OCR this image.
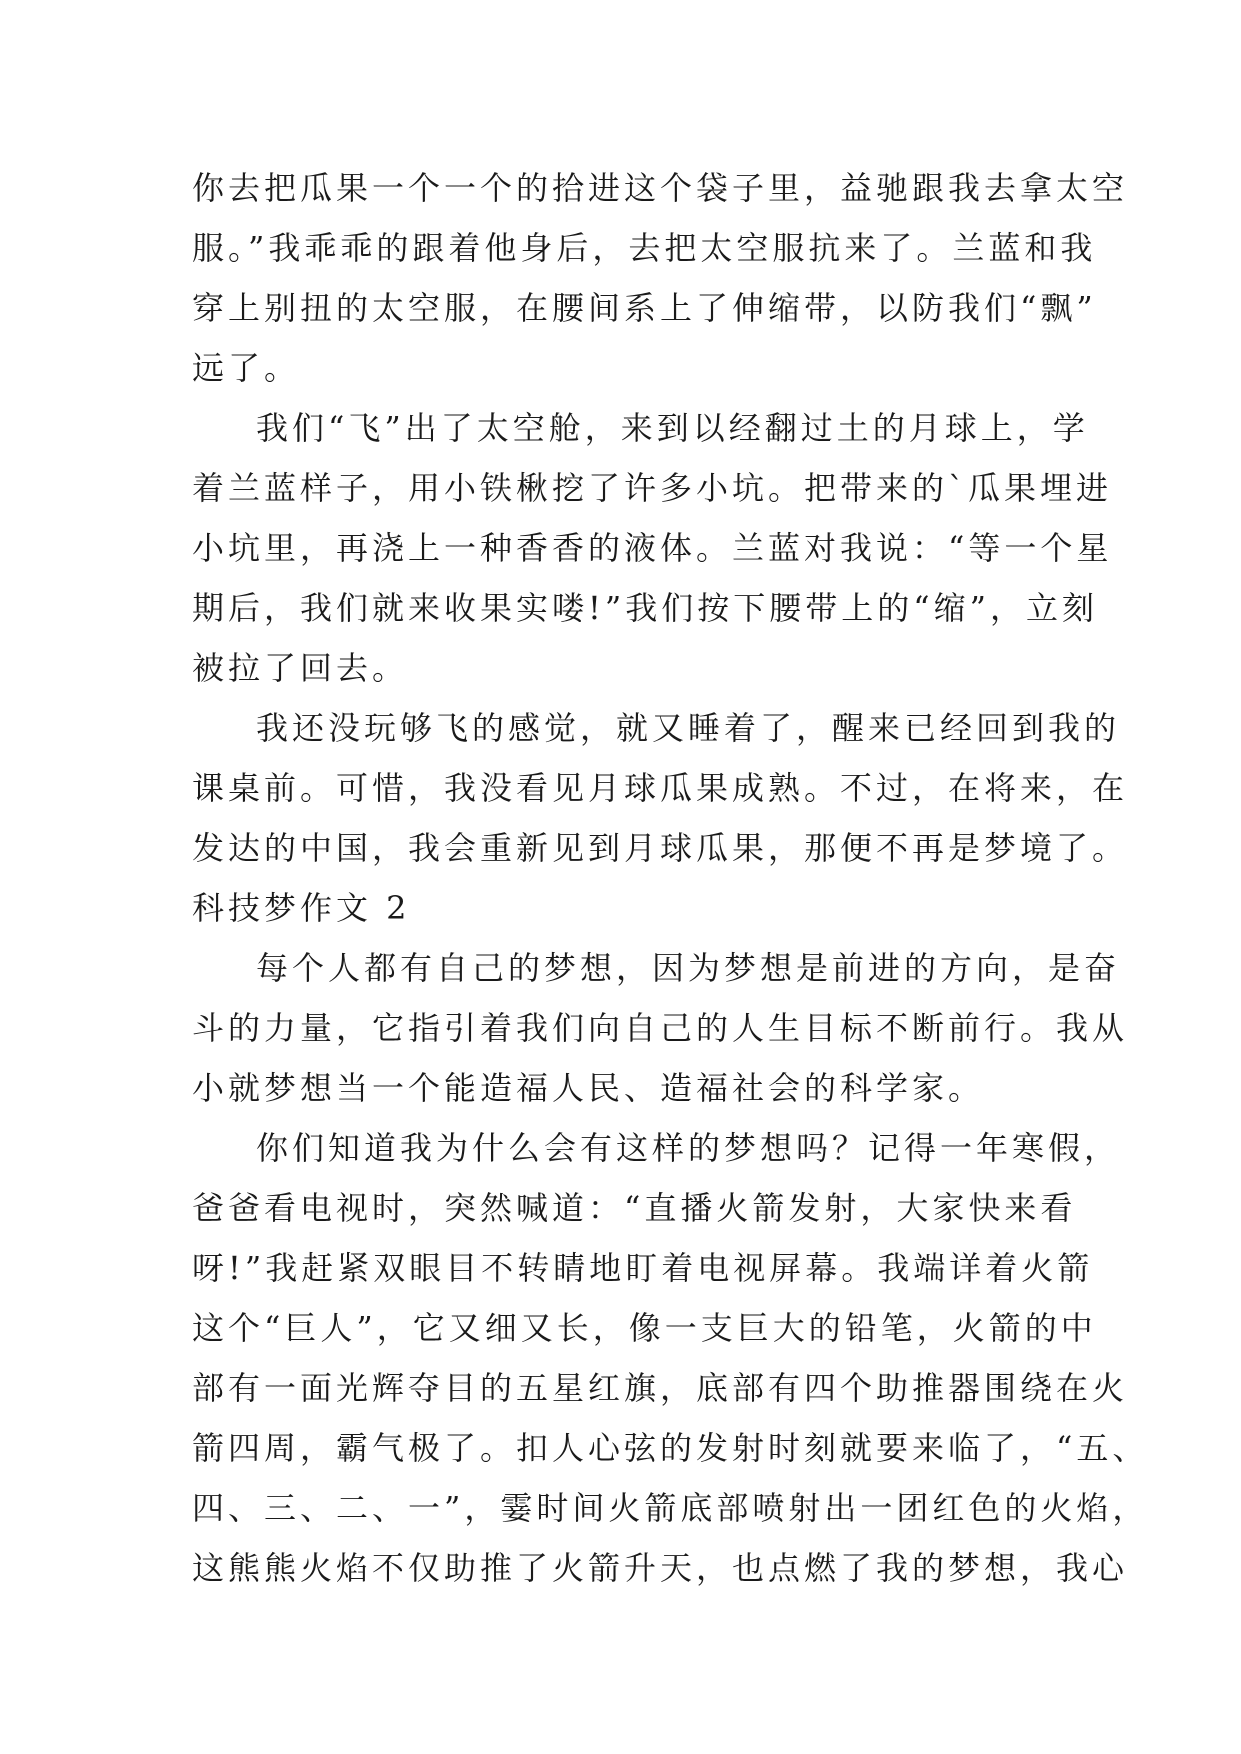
你去把瓜果一个一个的拾进这个袋子里，益驰跟我去拿太空
服。”我乖乖的跟着他身后，去把太空服抗来了。兰蓝和我
穿上别扭的太空服，在腰间系上了伸缩带，以防我们“飘”
远了。
我们“飞”出了太空舱，来到以经翻过土的月球上，学
着兰蓝样子，用小铁楸挖了许多小坑。把带来的`瓜果埋进
小坑里，再浇上一种香香的液体。兰蓝对我说：“等一个星
期后，我们就来收果实喽!”我们按下腰带上的“缩”，立刻
被拉了回去。
我还没玩够飞的感觉，就又睡着了，醒来已经回到我的
课桌前。可惜，我没看见月球瓜果成熟。不过，在将来，在
发达的中国，我会重新见到月球瓜果，那便不再是梦境了。
科技梦作文 2
每个人都有自己的梦想，因为梦想是前进的方向，是奋
斗的力量，它指引着我们向自己的人生目标不断前行。我从
小就梦想当一个能造福人民、造福社会的科学家。
你们知道我为什么会有这样的梦想吗？记得一年寒假，
爸爸看电视时，突然喊道：“直播火箭发射，大家快来看
呀!”我赶紧双眼目不转睛地盯着电视屏幕。我端详着火箭
这个“巨人”，它又细又长，像一支巨大的铅笔，火箭的中
部有一面光辉夺目的五星红旗，底部有四个助推器围绕在火
箭四周，霸气极了。扣人心弦的发射时刻就要来临了，“五、
四、三、二、一”，霎时间火箭底部喷射出一团红色的火焰，
这熊熊火焰不仅助推了火箭升天，也点燃了我的梦想，我心
